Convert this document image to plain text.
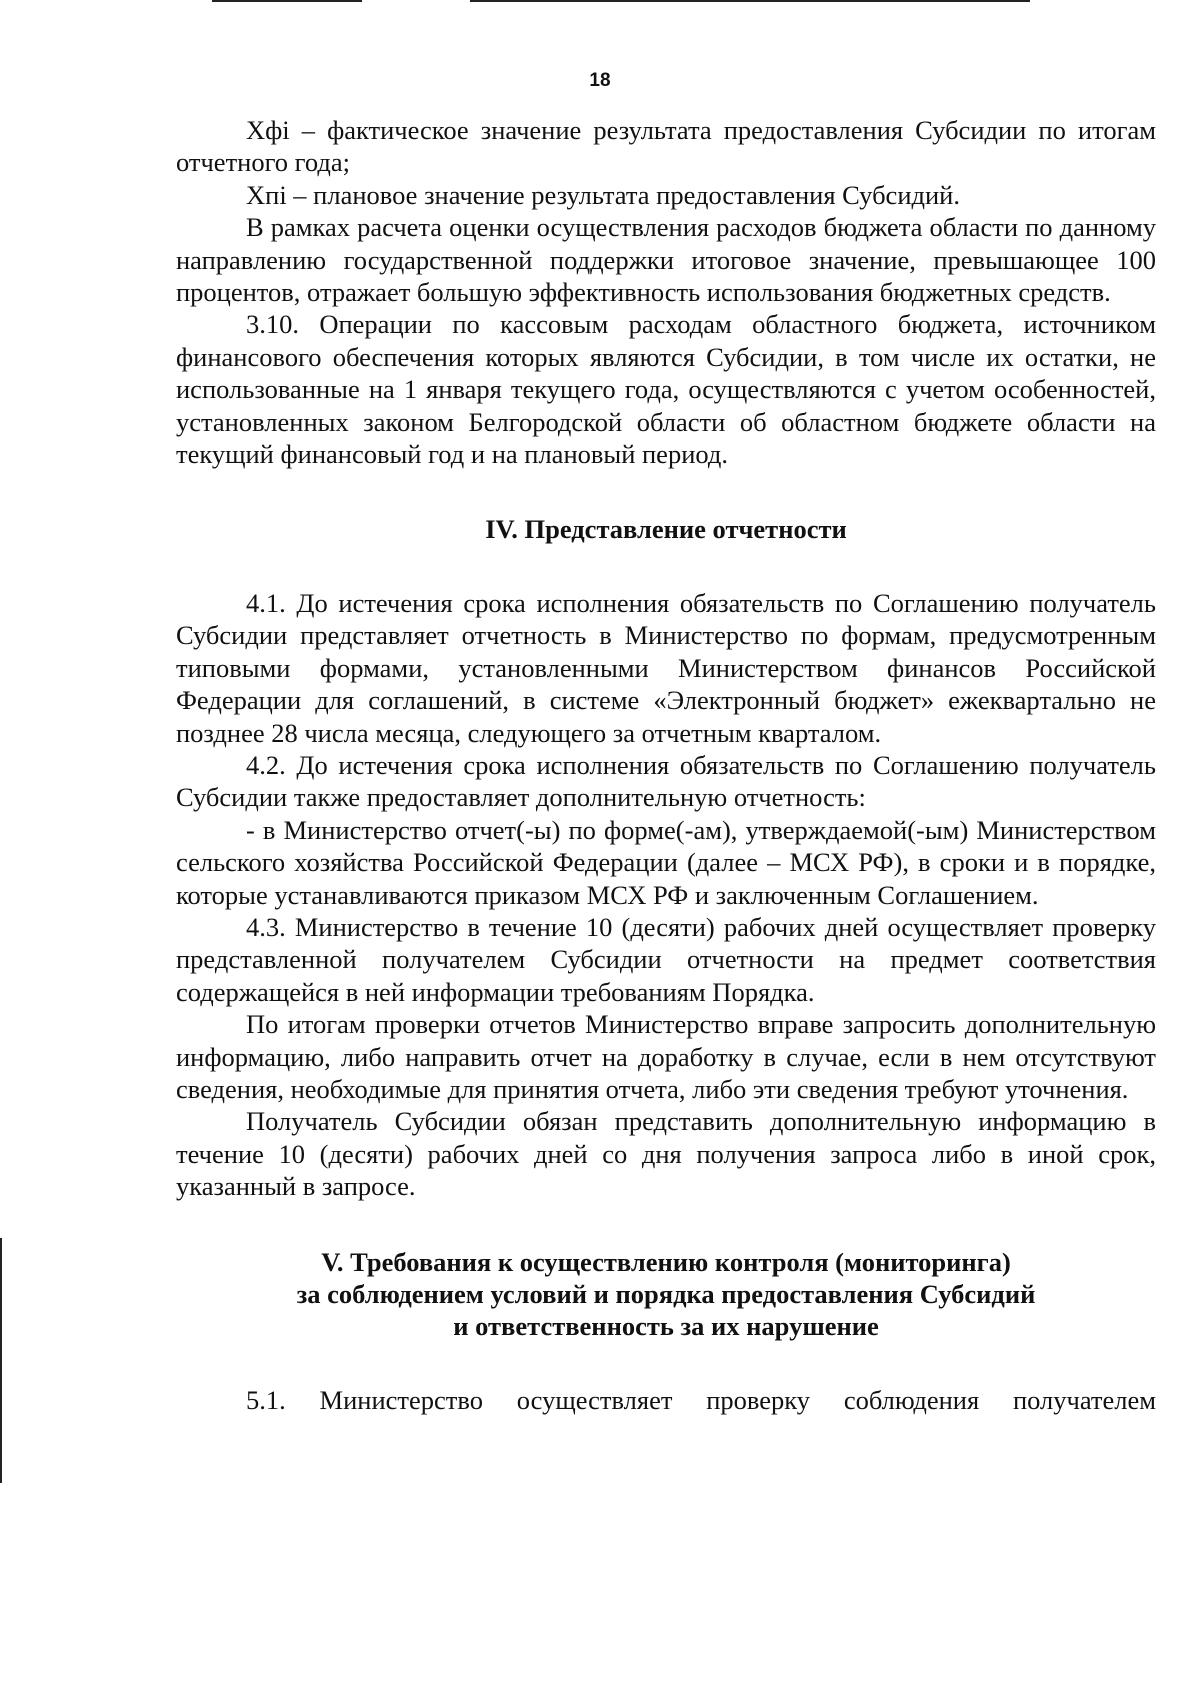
18

Xфi – фактическое значение результата предоставления Субсидии по итогам отчетного года;

Xпi – плановое значение результата предоставления Субсидий.

В рамках расчета оценки осуществления расходов бюджета области по данному направлению государственной поддержки итоговое значение, превышающее 100 процентов, отражает большую эффективность использования бюджетных средств.

3.10. Операции по кассовым расходам областного бюджета, источником финансового обеспечения которых являются Субсидии, в том числе их остатки, не использованные на 1 января текущего года, осуществляются с учетом особенностей, установленных законом Белгородской области об областном бюджете области на текущий финансовый год и на плановый период.

IV. Представление отчетности

4.1. До истечения срока исполнения обязательств по Соглашению получатель Субсидии представляет отчетность в Министерство по формам, предусмотренным типовыми формами, установленными Министерством финансов Российской Федерации для соглашений, в системе «Электронный бюджет» ежеквартально не позднее 28 числа месяца, следующего за отчетным кварталом.

4.2. До истечения срока исполнения обязательств по Соглашению получатель Субсидии также предоставляет дополнительную отчетность:

- в Министерство отчет(-ы) по форме(-ам), утверждаемой(-ым) Министерством сельского хозяйства Российской Федерации (далее – МСХ РФ), в сроки и в порядке, которые устанавливаются приказом МСХ РФ и заключенным Соглашением.

4.3. Министерство в течение 10 (десяти) рабочих дней осуществляет проверку представленной получателем Субсидии отчетности на предмет соответствия содержащейся в ней информации требованиям Порядка.

По итогам проверки отчетов Министерство вправе запросить дополнительную информацию, либо направить отчет на доработку в случае, если в нем отсутствуют сведения, необходимые для принятия отчета, либо эти сведения требуют уточнения.

Получатель Субсидии обязан представить дополнительную информацию в течение 10 (десяти) рабочих дней со дня получения запроса либо в иной срок, указанный в запросе.

V. Требования к осуществлению контроля (мониторинга)
за соблюдением условий и порядка предоставления Субсидий
и ответственность за их нарушение

5.1. Министерство осуществляет проверку соблюдения получателем
